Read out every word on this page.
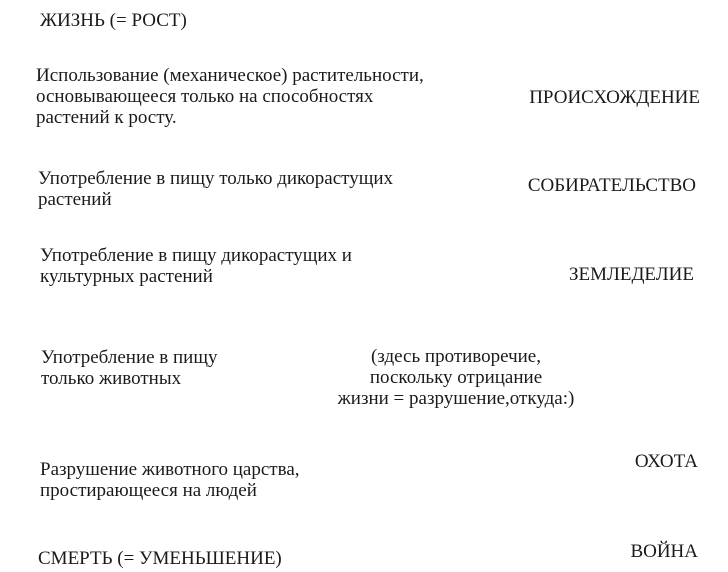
ЖИЗНЬ (= РОСТ)
Использование (механическое) растительности,
основывающееся только на способностях
растений к росту.
ПРОИСХОЖДЕНИЕ
Употребление в пищу только дикорастущих
растений
СОБИРАТЕЛЬСТВО
Употребление в пищу дикорастущих и
культурных растений	ЗЕМЛЕДЕЛИЕ
Употребление в пищу
только животных
(здесь противоречие,
поскольку отрицание
жизни = разрушение,откуда:)
Разрушение животного царства,
простирающееся на людей
ОХОТА
СМЕРТЬ (= УМЕНЬШЕНИЕ)	ВОЙНА
